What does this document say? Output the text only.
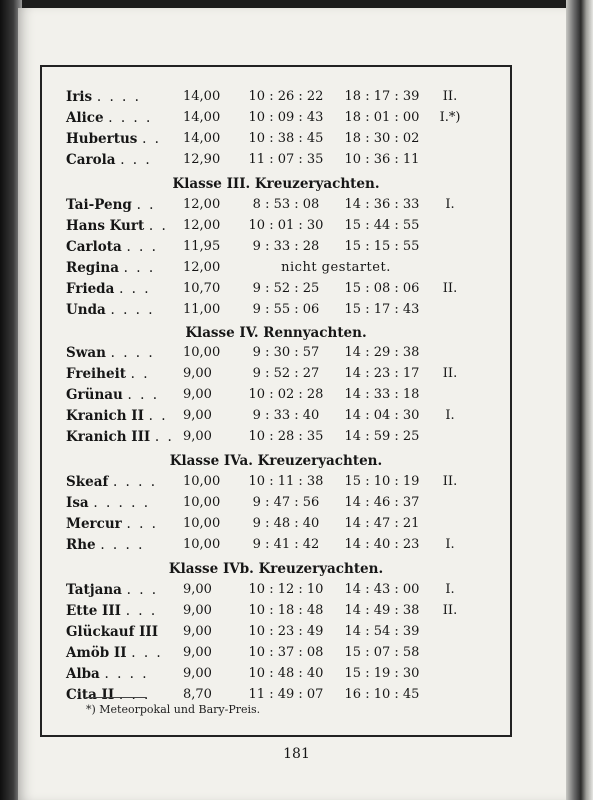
Iris . . . .	14,00	10 : 26 : 22	18 : 17 : 39	II.
Alice . . . .	14,00	10 : 09 : 43	18 : 01 : 00	I.*)
Hubertus . .	14,00	10 : 38 : 45	18 : 30 : 02
Carola . . .	12,90	11 : 07 : 35	10 : 36 : 11
Klasse III. Kreuzeryachten.
Tai-Peng . .	12,00	8 : 53 : 08	14 : 36 : 33	I.
Hans Kurt . .	12,00	10 : 01 : 30	15 : 44 : 55
Carlota . . .	11,95	9 : 33 : 28	15 : 15 : 55
Regina . . .	12,00	nicht gestartet.
Frieda . . .	10,70	9 : 52 : 25	15 : 08 : 06	II.
Unda . . . .	11,00	9 : 55 : 06	15 : 17 : 43
Klasse IV. Rennyachten.
Swan . . . .	10,00	9 : 30 : 57	14 : 29 : 38
Freiheit . .	9,00	9 : 52 : 27	14 : 23 : 17	II.
Grünau . . .	9,00	10 : 02 : 28	14 : 33 : 18
Kranich II . .	9,00	9 : 33 : 40	14 : 04 : 30	I.
Kranich III . . 9,00	10 : 28 : 35	14 : 59 : 25
Klasse IVa. Kreuzeryachten.
Skeaf . . . .	10,00	10 : 11 : 38	15 : 10 : 19	II.
Isa . . . . .	10,00	9 : 47 : 56	14 : 46 : 37
Mercur . . .	10,00	9 : 48 : 40	14 : 47 : 21
Rhe . . . .	10,00	9 : 41 : 42	14 : 40 : 23	I.
Klasse IVb. Kreuzeryachten.
Tatjana . . .	9,00	10 : 12 : 10	14 : 43 : 00	I.
Ette III . . .	9,00	10 : 18 : 48	14 : 49 : 38	II.
Glückauf III	9,00	10 : 23 : 49	14 : 54 : 39
Amöb II . . .	9,00	10 : 37 : 08	15 : 07 : 58
Alba . . . .	9,00	10 : 48 : 40	15 : 19 : 30
Cita II . . .	8,70	11 : 49 : 07	16 : 10 : 45
*) Meteorpokal und Bary-Preis.
181
